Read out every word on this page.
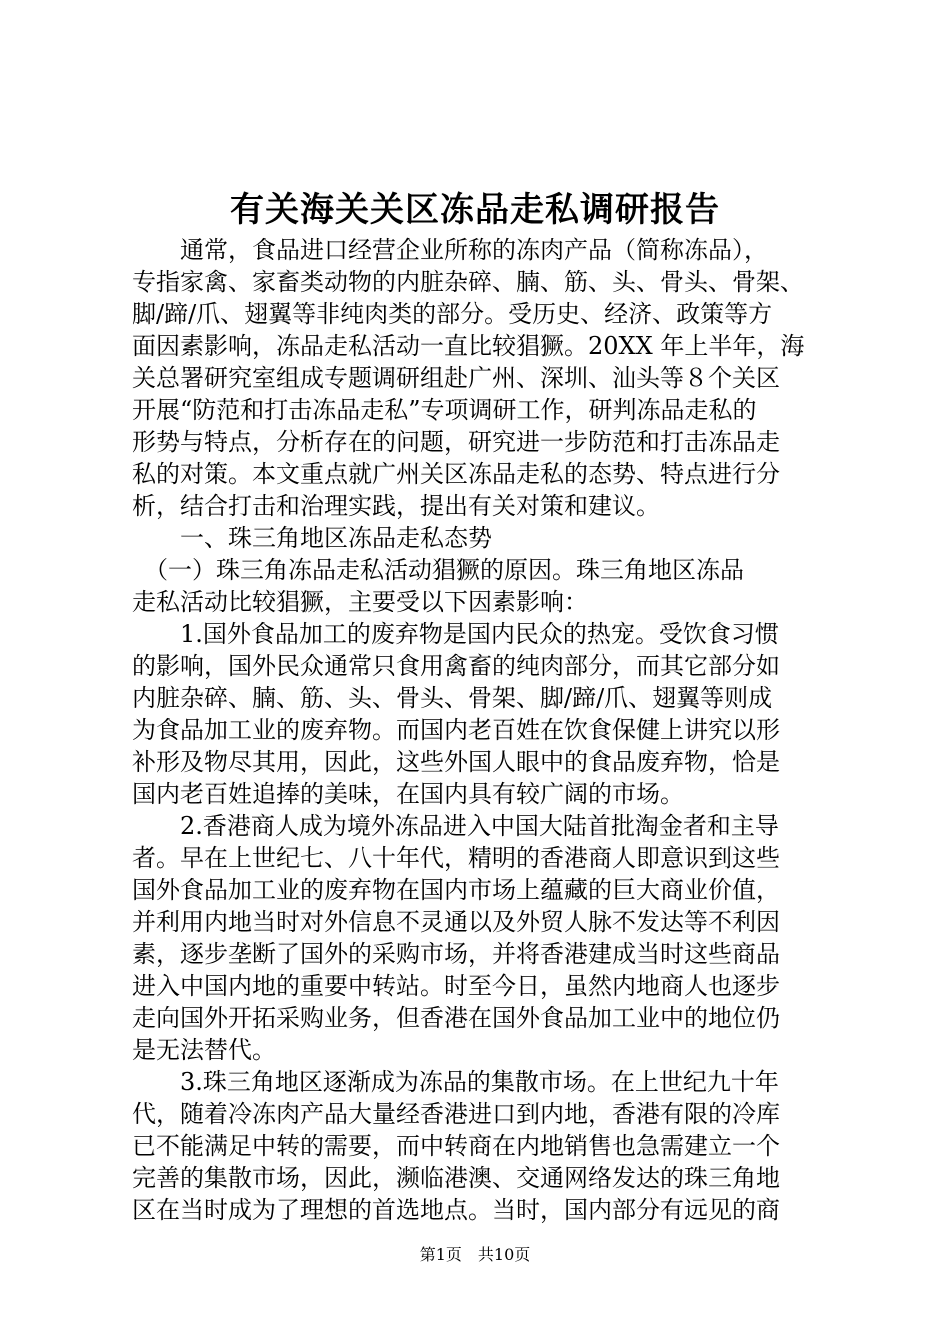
有关海关关区冻品走私调研报告
　　通常，食品进口经营企业所称的冻肉产品（简称冻品），
专指家禽、家畜类动物的内脏杂碎、腩、筋、头、骨头、骨架、
脚/蹄/爪、翅翼等非纯肉类的部分。受历史、经济、政策等方
面因素影响，冻品走私活动一直比较猖獗。20XX 年上半年，海
关总署研究室组成专题调研组赴广州、深圳、汕头等８个关区
开展“防范和打击冻品走私”专项调研工作，研判冻品走私的
形势与特点，分析存在的问题，研究进一步防范和打击冻品走
私的对策。本文重点就广州关区冻品走私的态势、特点进行分
析，结合打击和治理实践，提出有关对策和建议。
　　一、珠三角地区冻品走私态势
　（一）珠三角冻品走私活动猖獗的原因。珠三角地区冻品
走私活动比较猖獗，主要受以下因素影响：
　　1.国外食品加工的废弃物是国内民众的热宠。受饮食习惯
的影响，国外民众通常只食用禽畜的纯肉部分，而其它部分如
内脏杂碎、腩、筋、头、骨头、骨架、脚/蹄/爪、翅翼等则成
为食品加工业的废弃物。而国内老百姓在饮食保健上讲究以形
补形及物尽其用，因此，这些外国人眼中的食品废弃物，恰是
国内老百姓追捧的美味，在国内具有较广阔的市场。
　　2.香港商人成为境外冻品进入中国大陆首批淘金者和主导
者。早在上世纪七、八十年代，精明的香港商人即意识到这些
国外食品加工业的废弃物在国内市场上蕴藏的巨大商业价值，
并利用内地当时对外信息不灵通以及外贸人脉不发达等不利因
素，逐步垄断了国外的采购市场，并将香港建成当时这些商品
进入中国内地的重要中转站。时至今日，虽然内地商人也逐步
走向国外开拓采购业务，但香港在国外食品加工业中的地位仍
是无法替代。
　　3.珠三角地区逐渐成为冻品的集散市场。在上世纪九十年
代，随着冷冻肉产品大量经香港进口到内地，香港有限的冷库
已不能满足中转的需要，而中转商在内地销售也急需建立一个
完善的集散市场，因此，濒临港澳、交通网络发达的珠三角地
区在当时成为了理想的首选地点。当时，国内部分有远见的商
第1页　共10页
